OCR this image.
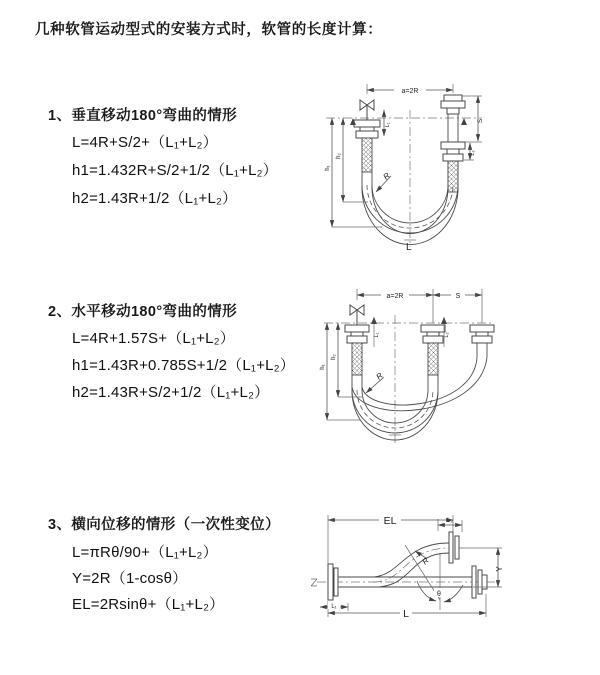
几种软管运动型式的安装方式时，软管的长度计算：
1、垂直移动180°弯曲的情形
L=4R+S/2+（L₁+L₂）
h1=1.432R+S/2+1/2（L₁+L₂）
h2=1.43R+1/2（L₁+L₂）
2、水平移动180°弯曲的情形
L=4R+1.57S+（L₁+L₂）
h1=1.43R+0.785S+1/2（L₁+L₂）
h2=1.43R+S/2+1/2（L₁+L₂）
3、横向位移的情形（一次性变位）
L=πRθ/90+（L₁+L₂）
Y=2R（1-cosθ）
EL=2Rsinθ+（L₁+L₂）
a=2R
h₁
h₂
L₁
S
L₂
R
L
a=2R	S
h₁
h₂
L₁	L₂
R
EL	L₂
Y
θ
R
L
L₁
